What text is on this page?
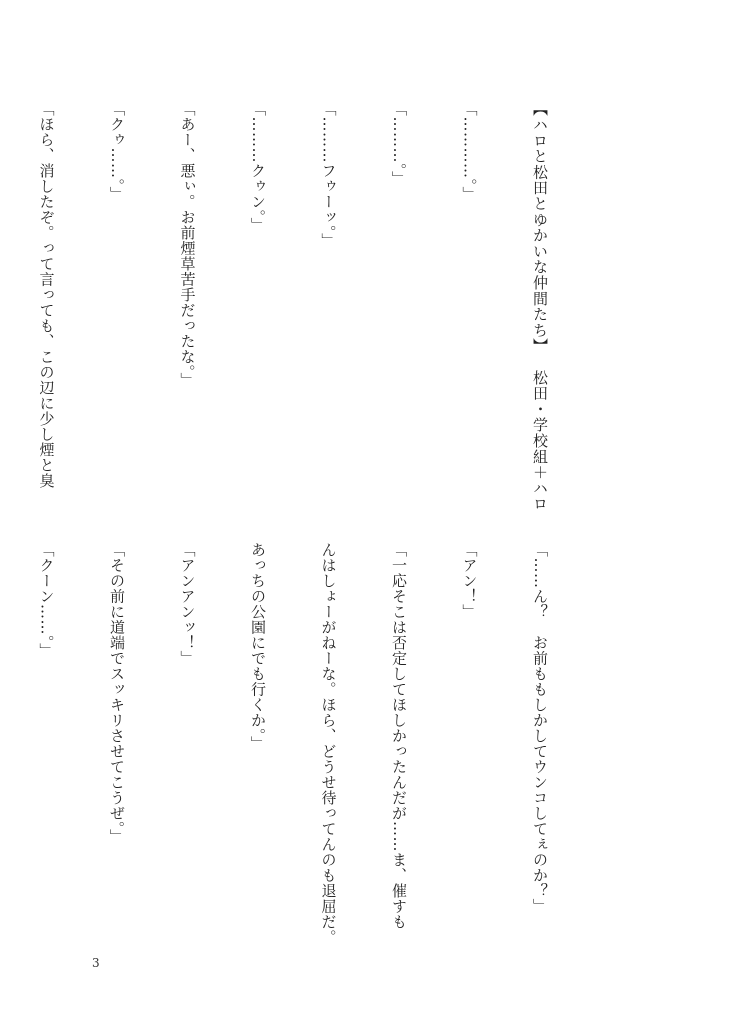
【ハロと松田とゆかいな仲間たち】　松田・学校組＋ハロ

「…………。」

「………。」

「………フゥーッ。」

「………クゥン。」

「あー、悪ぃ。お前煙草苦手だったな。」

「クゥ……。」

「ほら、消したぞ。って言っても、この辺に少し煙と臭

「……ん？　お前ももしかしてウンコしてぇのか？」

「アン！」

「一応そこは否定してほしかったんだが……ま、催すも

んはしょーがねーな。ほら、どうせ待ってんのも退屈だ。

あっちの公園にでも行くか。」

「アンアンッ！」

「その前に道端でスッキリさせてこうぜ。」

「クーン……。」

3
